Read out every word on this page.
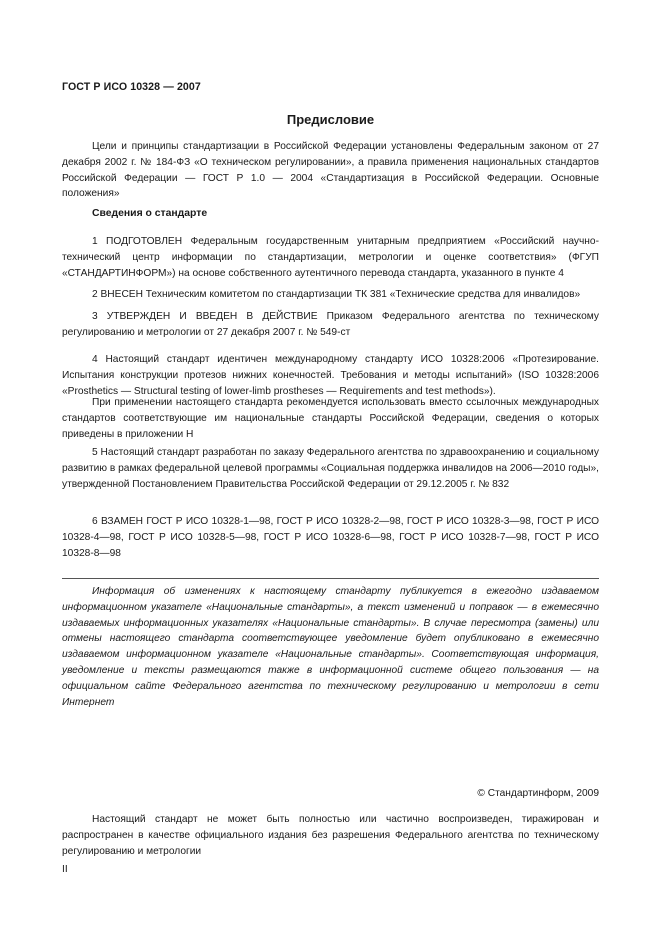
ГОСТ Р ИСО 10328 — 2007
Предисловие

Цели и принципы стандартизации в Российской Федерации установлены Федеральным законом от 27 декабря 2002 г. № 184-ФЗ «О техническом регулировании», а правила применения национальных стандартов Российской Федерации — ГОСТ Р 1.0 — 2004 «Стандартизация в Российской Федерации. Основные положения»

Сведения о стандарте

1 ПОДГОТОВЛЕН Федеральным государственным унитарным предприятием «Российский научно-технический центр информации по стандартизации, метрологии и оценке соответствия» (ФГУП «СТАНДАРТИНФОРМ») на основе собственного аутентичного перевода стандарта, указанного в пункте 4

2 ВНЕСЕН Техническим комитетом по стандартизации ТК 381 «Технические средства для инвалидов»

3 УТВЕРЖДЕН И ВВЕДЕН В ДЕЙСТВИЕ Приказом Федерального агентства по техническому регулированию и метрологии от 27 декабря 2007 г. № 549-ст

4 Настоящий стандарт идентичен международному стандарту ИСО 10328:2006 «Протезирование. Испытания конструкции протезов нижних конечностей. Требования и методы испытаний» (ISO 10328:2006 «Prosthetics — Structural testing of lower-limb prostheses — Requirements and test methods»).

При применении настоящего стандарта рекомендуется использовать вместо ссылочных международных стандартов соответствующие им национальные стандарты Российской Федерации, сведения о которых приведены в приложении Н

5 Настоящий стандарт разработан по заказу Федерального агентства по здравоохранению и социальному развитию в рамках федеральной целевой программы «Социальная поддержка инвалидов на 2006—2010 годы», утвержденной Постановлением Правительства Российской Федерации от 29.12.2005 г. № 832

6 ВЗАМЕН ГОСТ Р ИСО 10328-1—98, ГОСТ Р ИСО 10328-2—98, ГОСТ Р ИСО 10328-3—98, ГОСТ Р ИСО 10328-4—98, ГОСТ Р ИСО 10328-5—98, ГОСТ Р ИСО 10328-6—98, ГОСТ Р ИСО 10328-7—98, ГОСТ Р ИСО 10328-8—98

Информация об изменениях к настоящему стандарту публикуется в ежегодно издаваемом информационном указателе «Национальные стандарты», а текст изменений и поправок — в ежемесячно издаваемых информационных указателях «Национальные стандарты». В случае пересмотра (замены) или отмены настоящего стандарта соответствующее уведомление будет опубликовано в ежемесячно издаваемом информационном указателе «Национальные стандарты». Соответствующая информация, уведомление и тексты размещаются также в информационной системе общего пользования — на официальном сайте Федерального агентства по техническому регулированию и метрологии в сети Интернет

© Стандартинформ, 2009

Настоящий стандарт не может быть полностью или частично воспроизведен, тиражирован и распространен в качестве официального издания без разрешения Федерального агентства по техническому регулированию и метрологии

II
